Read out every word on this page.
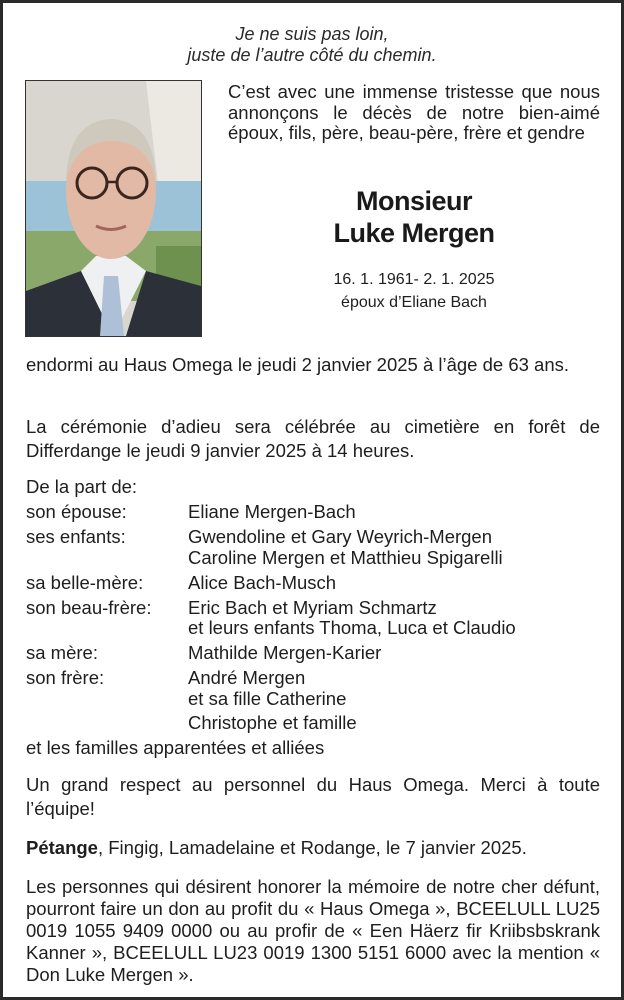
Je ne suis pas loin,
juste de l’autre côté du chemin.
C’est avec une immense tristesse que nous annonçons le décès de notre bien-aimé époux, fils, père, beau-père, frère et gendre
Monsieur
Luke Mergen
16. 1. 1961- 2. 1. 2025
époux d’Eliane Bach
endormi au Haus Omega le jeudi 2 janvier 2025 à l’âge de 63 ans.
La cérémonie d’adieu sera célébrée au cimetière en forêt de Differdange le jeudi 9 janvier 2025 à 14 heures.
De la part de:
son épouse:	Eliane Mergen-Bach
ses enfants:	Gwendoline et Gary Weyrich-Mergen
Caroline Mergen et Matthieu Spigarelli
sa belle-mère:	Alice Bach-Musch
son beau-frère:	Eric Bach et Myriam Schmartz
et leurs enfants Thoma, Luca et Claudio
sa mère:	Mathilde Mergen-Karier
son frère:	André Mergen
et sa fille Catherine
Christophe et famille
et les familles apparentées et alliées
Un grand respect au personnel du Haus Omega. Merci à toute l’équipe!
Pétange, Fingig, Lamadelaine et Rodange, le 7 janvier 2025.
Les personnes qui désirent honorer la mémoire de notre cher défunt, pourront faire un don au profit du « Haus Omega », BCEELULL LU25 0019 1055 9409 0000 ou au profir de « Een Häerz fir Kriibsbskrank Kanner », BCEELULL LU23 0019 1300 5151 6000 avec la mention « Don Luke Mergen ».
